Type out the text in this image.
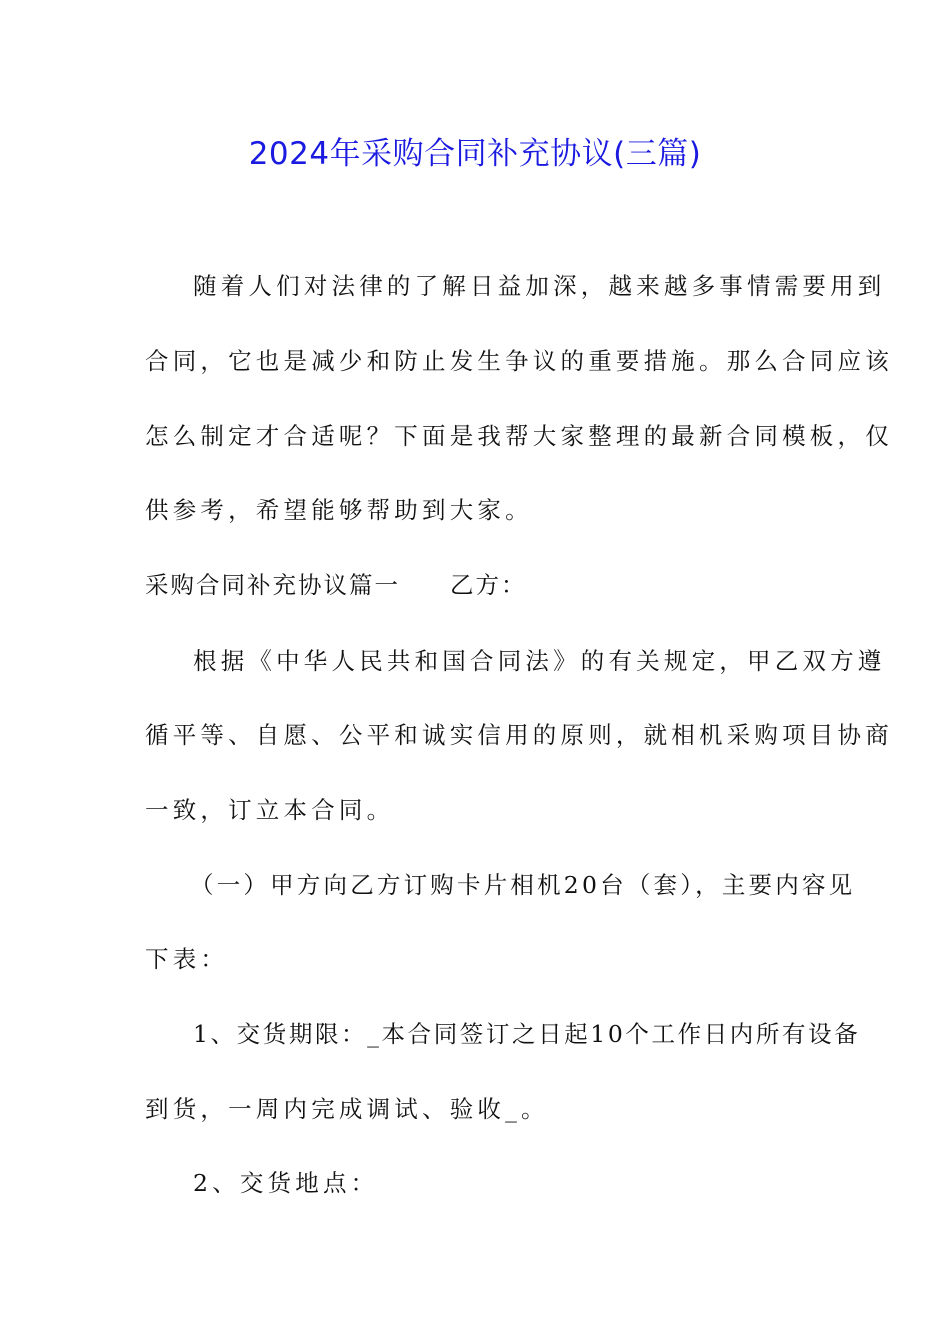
2024年采购合同补充协议(三篇)
随着人们对法律的了解日益加深，越来越多事情需要用到
合同，它也是减少和防止发生争议的重要措施。那么合同应该
怎么制定才合适呢？下面是我帮大家整理的最新合同模板，仅
供参考，希望能够帮助到大家。
采购合同补充协议篇一 乙方：
根据《中华人民共和国合同法》的有关规定，甲乙双方遵
循平等、自愿、公平和诚实信用的原则，就相机采购项目协商
一致，订立本合同。
（一）甲方向乙方订购卡片相机20台（套），主要内容见
下表：
1、交货期限：_本合同签订之日起10个工作日内所有设备
到货，一周内完成调试、验收_。
2、交货地点：
